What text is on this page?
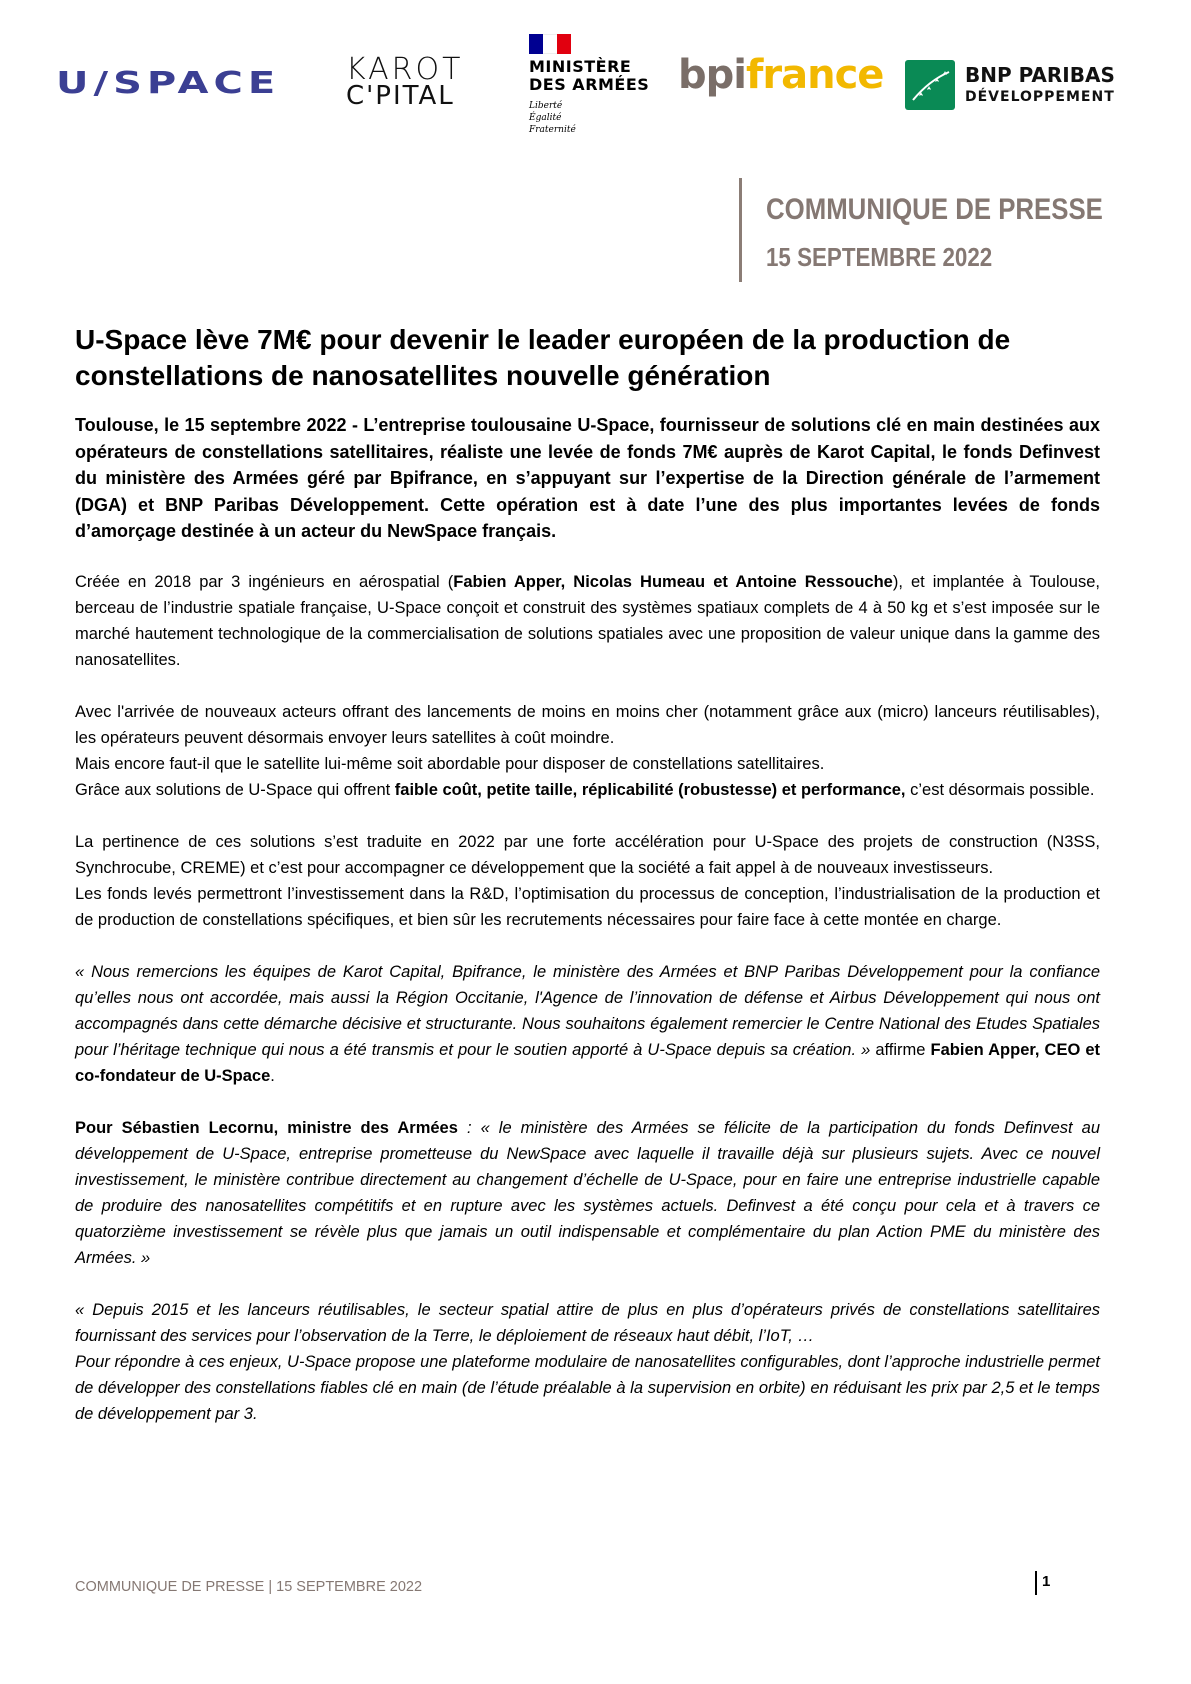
U/SPACE KAROT
C'PITAL
MINISTÈRE
DES ARMÉES
Liberté
Égalité
Fraternité
bpifrance	BNP PARIBAS
DÉVELOPPEMENT
COMMUNIQUE DE PRESSE
15 SEPTEMBRE 2022
U-Space lève 7M€ pour devenir le leader européen de la production de constellations de nanosatellites nouvelle génération

Toulouse, le 15 septembre 2022 - L’entreprise toulousaine U-Space, fournisseur de solutions clé en main destinées aux opérateurs de constellations satellitaires, réaliste une levée de fonds 7M€ auprès de Karot Capital, le fonds Definvest du ministère des Armées géré par Bpifrance, en s’appuyant sur l’expertise de la Direction générale de l’armement (DGA) et BNP Paribas Développement. Cette opération est à date l’une des plus importantes levées de fonds d’amorçage destinée à un acteur du NewSpace français.

Créée en 2018 par 3 ingénieurs en aérospatial (Fabien Apper, Nicolas Humeau et Antoine Ressouche), et implantée à Toulouse, berceau de l’industrie spatiale française, U-Space conçoit et construit des systèmes spatiaux complets de 4 à 50 kg et s’est imposée sur le marché hautement technologique de la commercialisation de solutions spatiales avec une proposition de valeur unique dans la gamme des nanosatellites.

Avec l'arrivée de nouveaux acteurs offrant des lancements de moins en moins cher (notamment grâce aux (micro) lanceurs réutilisables), les opérateurs peuvent désormais envoyer leurs satellites à coût moindre.
Mais encore faut-il que le satellite lui-même soit abordable pour disposer de constellations satellitaires.
Grâce aux solutions de U-Space qui offrent faible coût, petite taille, réplicabilité (robustesse) et performance, c’est désormais possible.

La pertinence de ces solutions s’est traduite en 2022 par une forte accélération pour U-Space des projets de construction (N3SS, Synchrocube, CREME) et c’est pour accompagner ce développement que la société a fait appel à de nouveaux investisseurs.
Les fonds levés permettront l’investissement dans la R&D, l’optimisation du processus de conception, l’industrialisation de la production et de production de constellations spécifiques, et bien sûr les recrutements nécessaires pour faire face à cette montée en charge.

« Nous remercions les équipes de Karot Capital, Bpifrance, le ministère des Armées et BNP Paribas Développement pour la confiance qu’elles nous ont accordée, mais aussi la Région Occitanie, l'Agence de l’innovation de défense et Airbus Développement qui nous ont accompagnés dans cette démarche décisive et structurante. Nous souhaitons également remercier le Centre National des Etudes Spatiales pour l’héritage technique qui nous a été transmis et pour le soutien apporté à U-Space depuis sa création. » affirme Fabien Apper, CEO et co-fondateur de U-Space.

Pour Sébastien Lecornu, ministre des Armées : « le ministère des Armées se félicite de la participation du fonds Definvest au développement de U-Space, entreprise prometteuse du NewSpace avec laquelle il travaille déjà sur plusieurs sujets. Avec ce nouvel investissement, le ministère contribue directement au changement d’échelle de U-Space, pour en faire une entreprise industrielle capable de produire des nanosatellites compétitifs et en rupture avec les systèmes actuels. Definvest a été conçu pour cela et à travers ce quatorzième investissement se révèle plus que jamais un outil indispensable et complémentaire du plan Action PME du ministère des Armées. »

« Depuis 2015 et les lanceurs réutilisables, le secteur spatial attire de plus en plus d’opérateurs privés de constellations satellitaires fournissant des services pour l’observation de la Terre, le déploiement de réseaux haut débit, l’IoT, …
Pour répondre à ces enjeux, U-Space propose une plateforme modulaire de nanosatellites configurables, dont l’approche industrielle permet de développer des constellations fiables clé en main (de l’étude préalable à la supervision en orbite) en réduisant les prix par 2,5 et le temps de développement par 3.

COMMUNIQUE DE PRESSE | 15 SEPTEMBRE 2022	1
